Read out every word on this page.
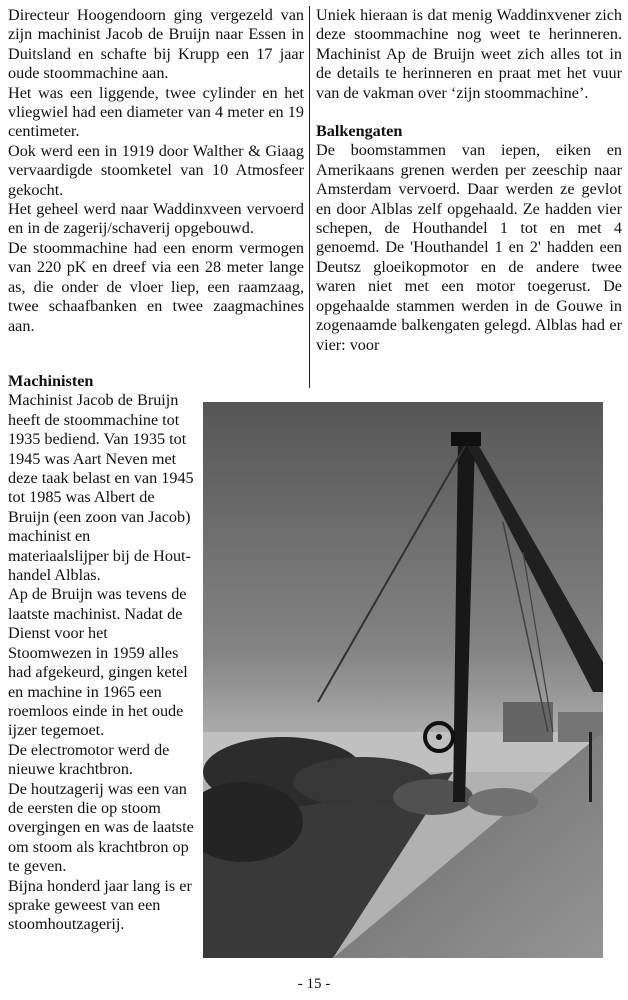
Directeur Hoogendoorn ging vergezeld van zijn machinist Jacob de Bruijn naar Essen in Duitsland en schafte bij Krupp een 17 jaar oude stoommachine aan.

Het was een liggende, twee cylinder en het vliegwiel had een diameter van 4 meter en 19 centimeter.

Ook werd een in 1919 door Walther & Giaag vervaardigde stoomketel van 10 Atmosfeer gekocht.

Het geheel werd naar Waddinxveen vervoerd en in de zagerij/schaverij opgebouwd.

De stoommachine had een enorm vermogen van 220 pK en dreef via een 28 meter lange as, die onder de vloer liep, een raamzaag, twee schaafbanken en twee zaagmachines aan.

Uniek hieraan is dat menig Waddinxvener zich deze stoommachine nog weet te herinneren. Machinist Ap de Bruijn weet zich alles tot in de details te herinneren en praat met het vuur van de vakman over ‘zijn stoommachine’.

Balkengaten

De boomstammen van iepen, eiken en Amerikaans grenen werden per zeeschip naar Amsterdam vervoerd. Daar werden ze gevlot en door Alblas zelf opgehaald. Ze hadden vier schepen, de Houthandel 1 tot en met 4 genoemd. De 'Houthandel 1 en 2' hadden een Deutsz gloeikopmotor en de andere twee waren niet met een motor toegerust. De opgehaalde stammen werden in de Gouwe in zogenaamde balkengaten gelegd. Alblas had er vier: voor

Machinisten

Machinist Jacob de Bruijn heeft de stoommachine tot 1935 bediend. Van 1935 tot 1945 was Aart Neven met deze taak belast en van 1945 tot 1985 was Albert de Bruijn (een zoon van Jacob) machinist en materiaalslijper bij de Hout-handel Alblas.

Ap de Bruijn was tevens de laatste machinist. Nadat de Dienst voor het Stoomwezen in 1959 alles had afgekeurd, gingen ketel en machine in 1965 een roemloos einde in het oude ijzer tegemoet.

De electromotor werd de nieuwe krachtbron.

De houtzagerij was een van de eersten die op stoom overgingen en was de laatste om stoom als krachtbron op te geven.

Bijna honderd jaar lang is er sprake geweest van een stoomhoutzagerij.

- 15 -
